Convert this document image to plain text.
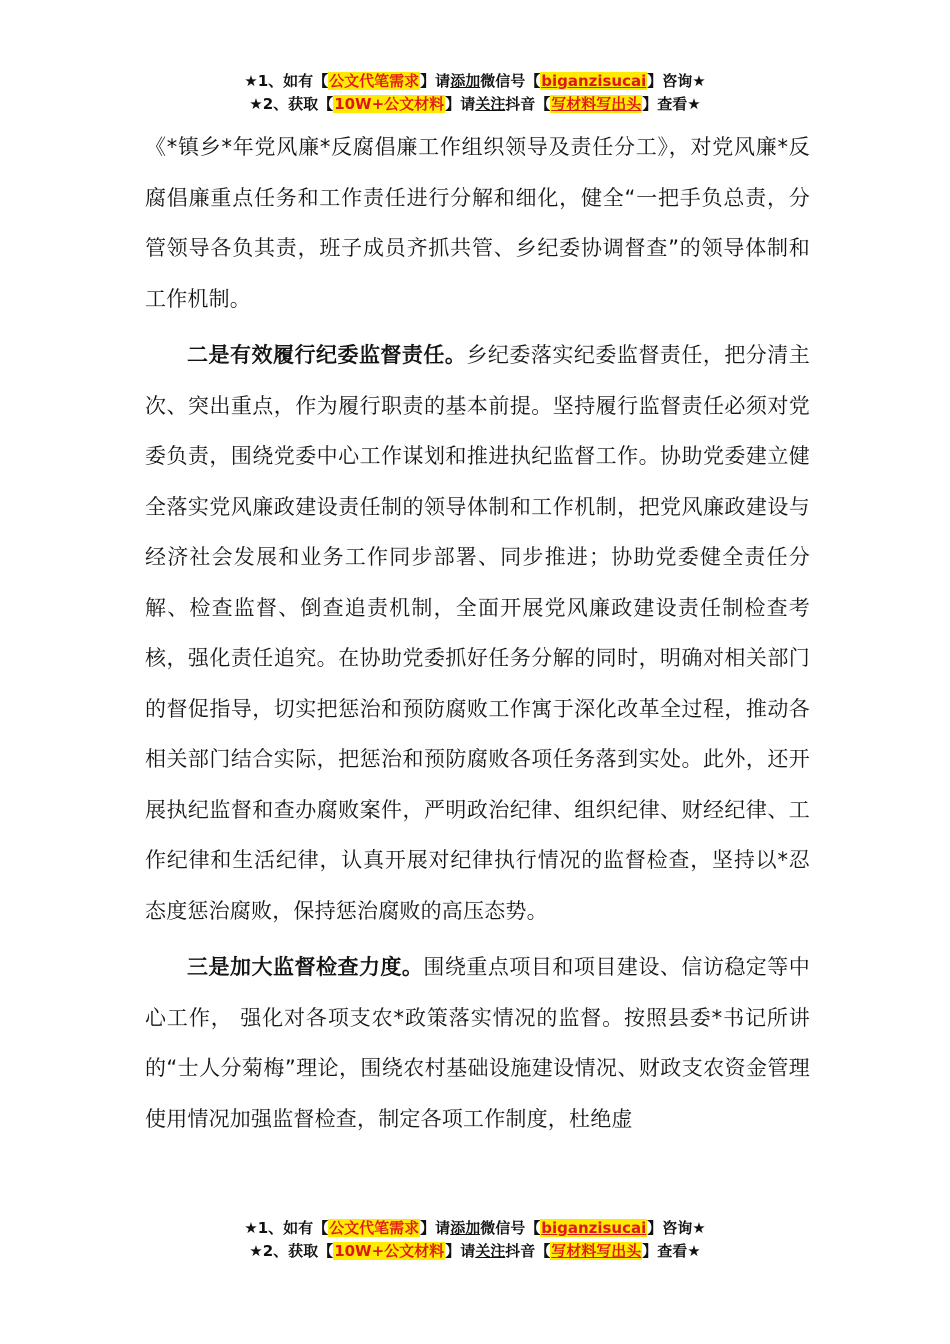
★1、如有【公文代笔需求】请添加微信号【biganzisucai】咨询★
★2、获取【10W+公文材料】请关注抖音【写材料写出头】查看★

《*镇乡*年党风廉*反腐倡廉工作组织领导及责任分工》，对党风廉*反腐倡廉重点任务和工作责任进行分解和细化，健全“一把手负总责，分管领导各负其责，班子成员齐抓共管、乡纪委协调督查”的领导体制和工作机制。

二是有效履行纪委监督责任。乡纪委落实纪委监督责任，把分清主次、突出重点，作为履行职责的基本前提。坚持履行监督责任必须对党委负责，围绕党委中心工作谋划和推进执纪监督工作。协助党委建立健全落实党风廉政建设责任制的领导体制和工作机制，把党风廉政建设与经济社会发展和业务工作同步部署、同步推进；协助党委健全责任分解、检查监督、倒查追责机制，全面开展党风廉政建设责任制检查考核，强化责任追究。在协助党委抓好任务分解的同时，明确对相关部门的督促指导，切实把惩治和预防腐败工作寓于深化改革全过程，推动各相关部门结合实际，把惩治和预防腐败各项任务落到实处。此外，还开展执纪监督和查办腐败案件，严明政治纪律、组织纪律、财经纪律、工作纪律和生活纪律，认真开展对纪律执行情况的监督检查，坚持以*忍态度惩治腐败，保持惩治腐败的高压态势。

三是加大监督检查力度。围绕重点项目和项目建设、信访稳定等中心工作， 强化对各项支农*政策落实情况的监督。按照县委*书记所讲的“士人分菊梅”理论，围绕农村基础设施建设情况、财政支农资金管理使用情况加强监督检查，制定各项工作制度，杜绝虚

★1、如有【公文代笔需求】请添加微信号【biganzisucai】咨询★
★2、获取【10W+公文材料】请关注抖音【写材料写出头】查看★
